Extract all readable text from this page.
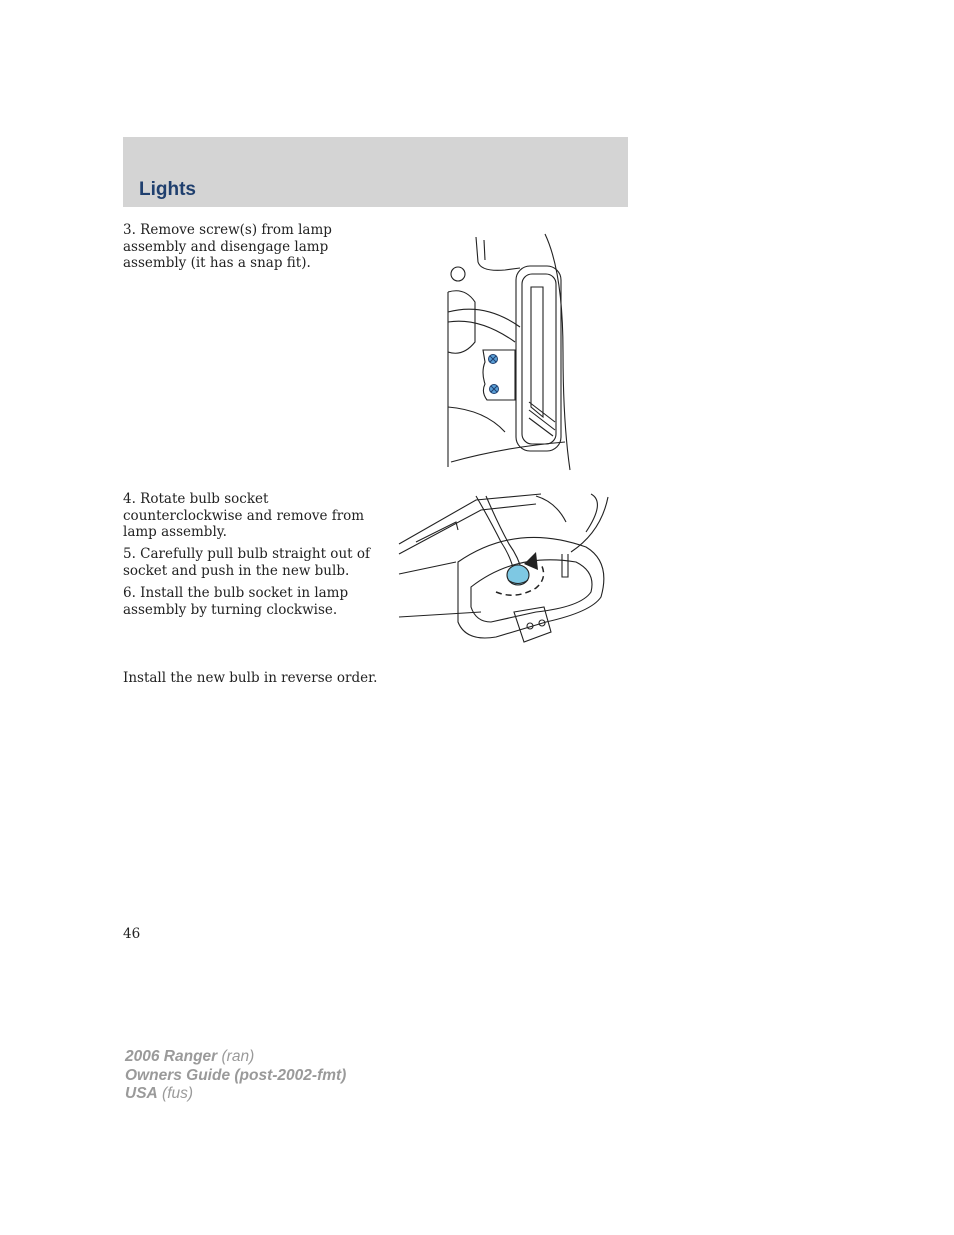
Lights

3. Remove screw(s) from lamp assembly and disengage lamp assembly (it has a snap fit).

4. Rotate bulb socket counterclockwise and remove from lamp assembly.

5. Carefully pull bulb straight out of socket and push in the new bulb.

6. Install the bulb socket in lamp assembly by turning clockwise.

Install the new bulb in reverse order.

46
2006 Ranger (ran)
Owners Guide (post-2002-fmt)
USA (fus)
